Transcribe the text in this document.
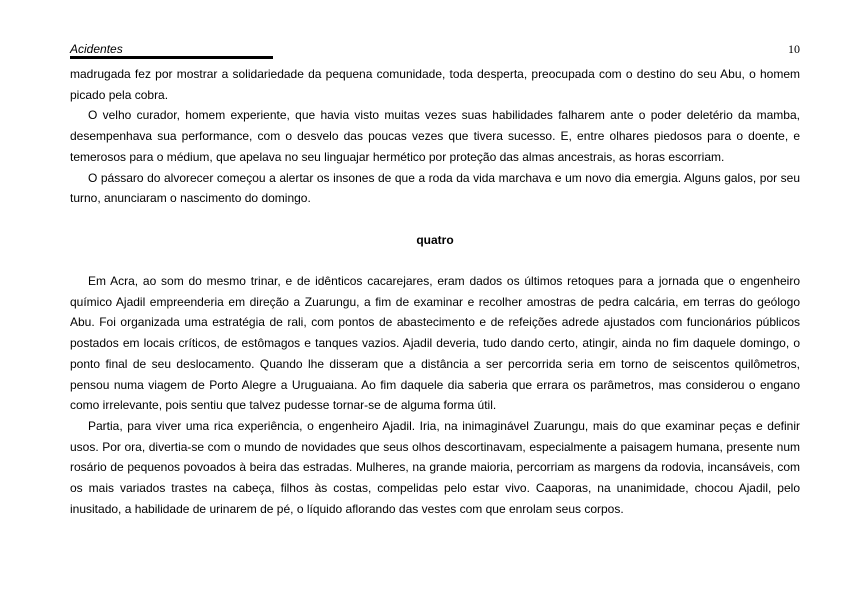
Acidentes	10

madrugada fez por mostrar a solidariedade da pequena comunidade, toda desperta, preocupada com o destino do seu Abu, o homem picado pela cobra.

O velho curador, homem experiente, que havia visto muitas vezes suas habilidades falharem ante o poder deletério da mamba, desempenhava sua performance, com o desvelo das poucas vezes que tivera sucesso. E, entre olhares piedosos para o doente, e temerosos para o médium, que apelava no seu linguajar hermético por proteção das almas ancestrais, as horas escorriam.

O pássaro do alvorecer começou a alertar os insones de que a roda da vida marchava e um novo dia emergia. Alguns galos, por seu turno, anunciaram o nascimento do domingo.

quatro

Em Acra, ao som do mesmo trinar, e de idênticos cacarejares, eram dados os últimos retoques para a jornada que o engenheiro químico Ajadil empreenderia em direção a Zuarungu, a fim de examinar e recolher amostras de pedra calcária, em terras do geólogo Abu. Foi organizada uma estratégia de rali, com pontos de abastecimento e de refeições adrede ajustados com funcionários públicos postados em locais críticos, de estômagos e tanques vazios. Ajadil deveria, tudo dando certo, atingir, ainda no fim daquele domingo, o ponto final de seu deslocamento. Quando lhe disseram que a distância a ser percorrida seria em torno de seiscentos quilômetros, pensou numa viagem de Porto Alegre a Uruguaiana. Ao fim daquele dia saberia que errara os parâmetros, mas considerou o engano como irrelevante, pois sentiu que talvez pudesse tornar-se de alguma forma útil.

Partia, para viver uma rica experiência, o engenheiro Ajadil. Iria, na inimaginável Zuarungu, mais do que examinar peças e definir usos. Por ora, divertia-se com o mundo de novidades que seus olhos descortinavam, especialmente a paisagem humana, presente num rosário de pequenos povoados à beira das estradas. Mulheres, na grande maioria, percorriam as margens da rodovia, incansáveis, com os mais variados trastes na cabeça, filhos às costas, compelidas pelo estar vivo. Caaporas, na unanimidade, chocou Ajadil, pelo inusitado, a habilidade de urinarem de pé, o líquido aflorando das vestes com que enrolam seus corpos.
